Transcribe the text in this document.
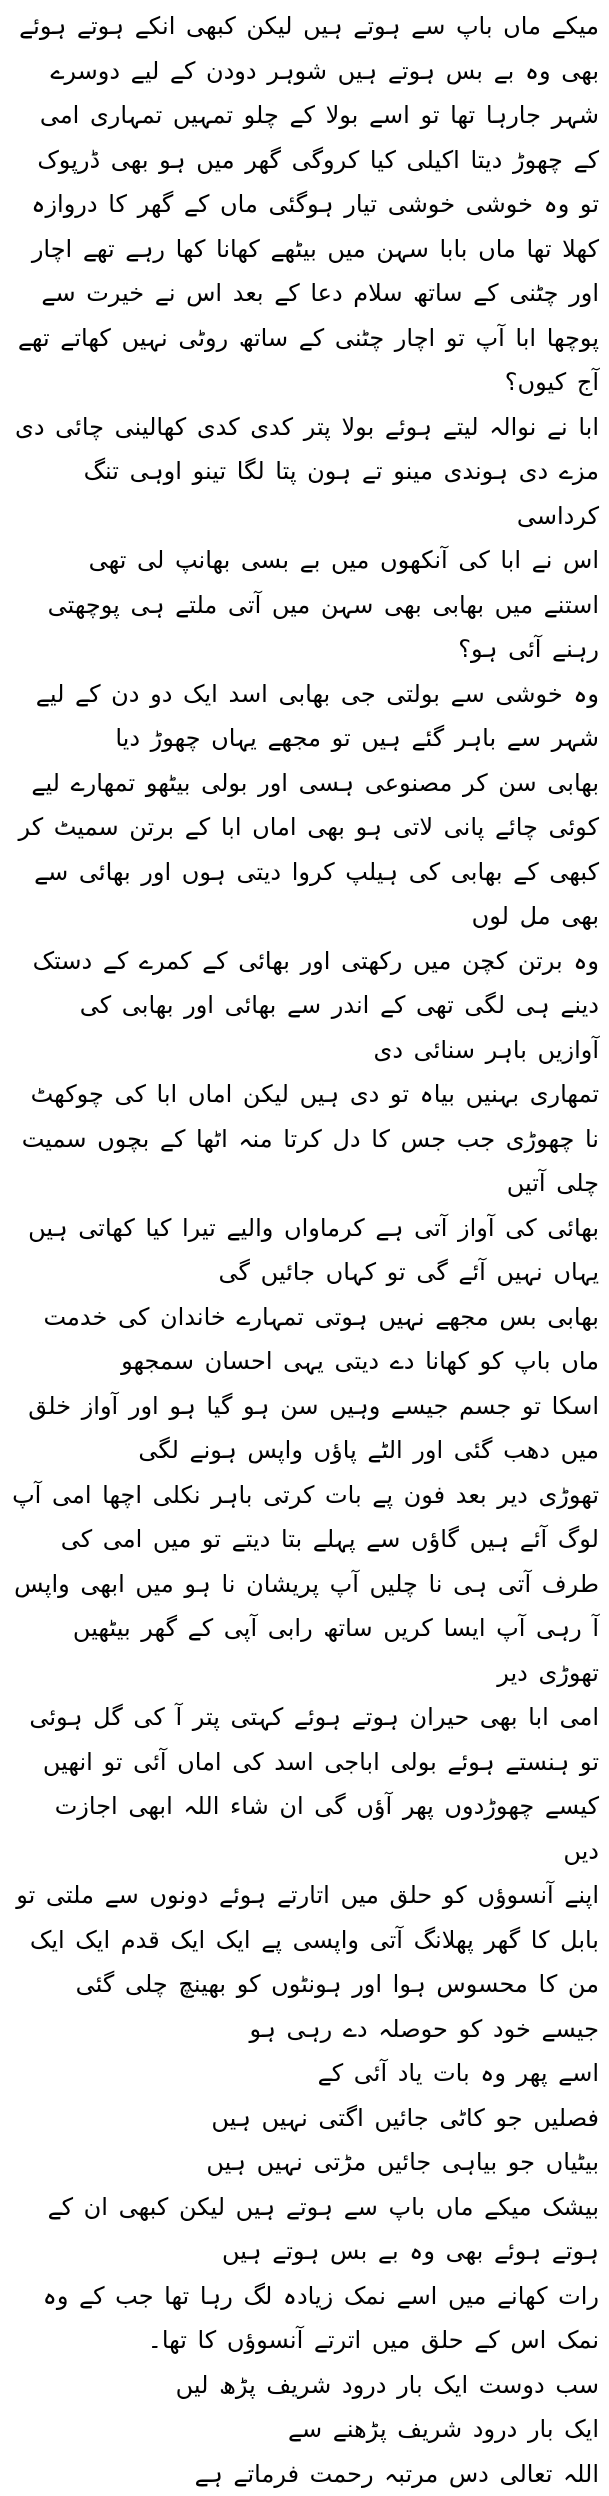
میکے ماں باپ سے ہوتے ہیں لیکن کبھی انکے ہوتے ہوئے بھی وہ بے بس ہوتے ہیں شوہر دودن کے لیے دوسرے شہر جارہا تھا تو اسے بولا کے چلو تمہیں تمہاری امی کے چھوڑ دیتا اکیلی کیا کروگی گھر میں ہو بھی ڈرپوک تو وہ خوشی خوشی تیار ہوگئی ماں کے گھر کا دروازہ کھلا تھا ماں بابا سہن میں بیٹھے کھانا کھا رہے تھے اچار اور چٹنی کے ساتھ سلام دعا کے بعد اس نے خیرت سے پوچھا ابا آپ تو اچار چٹنی کے ساتھ روٹی نہیں کھاتے تھے آج کیوں؟

ابا نے نوالہ لیتے ہوئے بولا پتر کدی کدی کھالینی چائی دی مزے دی ہوندی مینو تے ہون پتا لگا تینو اوہی تنگ کرداسی

اس نے ابا کی آنکھوں میں بے بسی بھانپ لی تھی

استنے میں بھابی بھی سہن میں آتی ملتے ہی پوچھتی رہنے آئی ہو؟

وہ خوشی سے بولتی جی بھابی اسد ایک دو دن کے لیے شہر سے باہر گئے ہیں تو مجھے یہاں چھوڑ دیا

بھابی سن کر مصنوعی ہسی اور بولی بیٹھو تمھارے لیے کوئی چائے پانی لاتی ہو بھی اماں ابا کے برتن سمیٹ کر کبھی کے بھابی کی ہیلپ کروا دیتی ہوں اور بھائی سے بھی مل لوں

وہ برتن کچن میں رکھتی اور بھائی کے کمرے کے دستک دینے ہی لگی تھی کے اندر سے بھائی اور بھابی کی آوازیں باہر سنائی دی

تمھاری بہنیں بیاہ تو دی ہیں لیکن اماں ابا کی چوکھٹ نا چھوڑی جب جس کا دل کرتا منہ اٹھا کے بچوں سمیت چلی آتیں

بھائی کی آواز آتی ہے کرماواں والیے تیرا کیا کھاتی ہیں یہاں نہیں آئے گی تو کہاں جائیں گی

بھابی بس مجھے نہیں ہوتی تمہارے خاندان کی خدمت ماں باپ کو کھانا دے دیتی یہی احسان سمجھو

اسکا تو جسم جیسے وہیں سن ہو گیا ہو اور آواز خلق میں دھب گئی اور الٹے پاؤں واپس ہونے لگی

تھوڑی دیر بعد فون پے بات کرتی باہر نکلی اچھا امی آپ لوگ آئے ہیں گاؤں سے پہلے بتا دیتے تو میں امی کی طرف آتی ہی نا چلیں آپ پریشان نا ہو میں ابھی واپس آ رہی آپ ایسا کریں ساتھ رابی آپی کے گھر بیٹھیں تھوڑی دیر

امی ابا بھی حیران ہوتے ہوئے کہتی پتر آ کی گل ہوئی تو ہنستے ہوئے بولی اباجی اسد کی اماں آئی تو انھیں کیسے چھوڑدوں پھر آؤں گی ان شاء اللہ ابھی اجازت دیں

اپنے آنسوؤں کو حلق میں اتارتے ہوئے دونوں سے ملتی تو بابل کا گھر پھلانگ آتی واپسی پے ایک ایک قدم ایک ایک من کا محسوس ہوا اور ہونٹوں کو بھینچ چلی گئی جیسے خود کو حوصلہ دے رہی ہو

اسے پھر وہ بات یاد آئی کے

فصلیں جو کاٹی جائیں اگتی نہیں ہیں

بیٹیاں جو بیاہی جائیں مڑتی نہیں ہیں

بیشک میکے ماں باپ سے ہوتے ہیں لیکن کبھی ان کے ہوتے ہوئے بھی وہ بے بس ہوتے ہیں

رات کھانے میں اسے نمک زیادہ لگ رہا تھا جب کے وہ نمک اس کے حلق میں اترتے آنسوؤں کا تھا۔

سب دوست ایک بار درود شریف پڑھ لیں

ایک بار درود شریف پڑھنے سے

اللہ تعالی دس مرتبہ رحمت فرماتے ہے
